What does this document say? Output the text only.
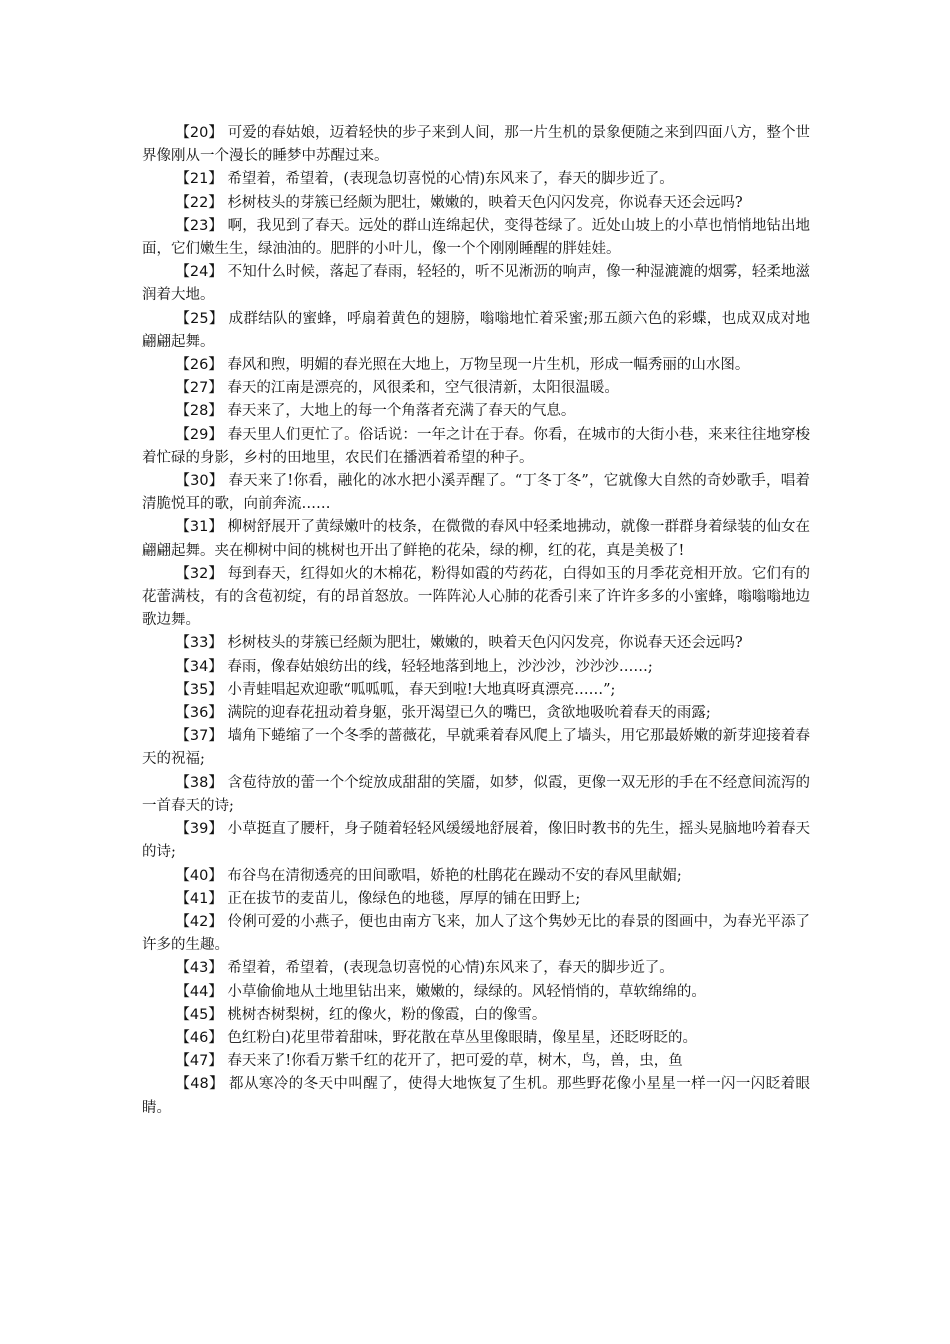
【20】 可爱的春姑娘，迈着轻快的步子来到人间，那一片生机的景象便随之来到四面八方，整个世界像刚从一个漫长的睡梦中苏醒过来。

【21】 希望着，希望着，(表现急切喜悦的心情)东风来了，春天的脚步近了。

【22】 杉树枝头的芽簇已经颇为肥壮，嫩嫩的，映着天色闪闪发亮，你说春天还会远吗?

【23】 啊，我见到了春天。远处的群山连绵起伏，变得苍绿了。近处山坡上的小草也悄悄地钻出地面，它们嫩生生，绿油油的。肥胖的小叶儿，像一个个刚刚睡醒的胖娃娃。

【24】 不知什么时候，落起了春雨，轻轻的，听不见淅沥的响声，像一种湿漉漉的烟雾，轻柔地滋润着大地。

【25】 成群结队的蜜蜂，呼扇着黄色的翅膀，嗡嗡地忙着采蜜;那五颜六色的彩蝶，也成双成对地翩翩起舞。

【26】 春风和煦，明媚的春光照在大地上，万物呈现一片生机，形成一幅秀丽的山水图。

【27】 春天的江南是漂亮的，风很柔和，空气很清新，太阳很温暖。

【28】 春天来了，大地上的每一个角落者充满了春天的气息。

【29】 春天里人们更忙了。俗话说：一年之计在于春。你看，在城市的大街小巷，来来往往地穿梭着忙碌的身影，乡村的田地里，农民们在播洒着希望的种子。

【30】 春天来了!你看，融化的冰水把小溪弄醒了。“丁冬丁冬”，它就像大自然的奇妙歌手，唱着清脆悦耳的歌，向前奔流……

【31】 柳树舒展开了黄绿嫩叶的枝条，在微微的春风中轻柔地拂动，就像一群群身着绿装的仙女在翩翩起舞。夹在柳树中间的桃树也开出了鲜艳的花朵，绿的柳，红的花，真是美极了!

【32】 每到春天，红得如火的木棉花，粉得如霞的芍药花，白得如玉的月季花竞相开放。它们有的花蕾满枝，有的含苞初绽，有的昂首怒放。一阵阵沁人心肺的花香引来了许许多多的小蜜蜂，嗡嗡嗡地边歌边舞。

【33】 杉树枝头的芽簇已经颇为肥壮，嫩嫩的，映着天色闪闪发亮，你说春天还会远吗?

【34】 春雨，像春姑娘纺出的线，轻轻地落到地上，沙沙沙，沙沙沙……;

【35】 小青蛙唱起欢迎歌“呱呱呱，春天到啦!大地真呀真漂亮……”;

【36】 满院的迎春花扭动着身躯，张开渴望已久的嘴巴，贪欲地吸吮着春天的雨露;

【37】 墙角下蜷缩了一个冬季的蔷薇花，早就乘着春风爬上了墙头，用它那最娇嫩的新芽迎接着春天的祝福;

【38】 含苞待放的蕾一个个绽放成甜甜的笑靥，如梦，似霞，更像一双无形的手在不经意间流泻的一首春天的诗;

【39】 小草挺直了腰杆，身子随着轻轻风缓缓地舒展着，像旧时教书的先生，摇头晃脑地吟着春天的诗;

【40】 布谷鸟在清彻透亮的田间歌唱，娇艳的杜鹃花在躁动不安的春风里献媚;

【41】 正在拔节的麦苗儿，像绿色的地毯，厚厚的铺在田野上;

【42】 伶俐可爱的小燕子，便也由南方飞来，加人了这个隽妙无比的春景的图画中，为春光平添了许多的生趣。

【43】 希望着，希望着，(表现急切喜悦的心情)东风来了，春天的脚步近了。

【44】 小草偷偷地从土地里钻出来，嫩嫩的，绿绿的。风轻悄悄的，草软绵绵的。

【45】 桃树杏树梨树，红的像火，粉的像霞，白的像雪。

【46】 色红粉白)花里带着甜味，野花散在草丛里像眼睛，像星星，还眨呀眨的。

【47】 春天来了!你看万紫千红的花开了，把可爱的草，树木，鸟，兽，虫，鱼

【48】 都从寒冷的冬天中叫醒了，使得大地恢复了生机。那些野花像小星星一样一闪一闪眨着眼睛。
